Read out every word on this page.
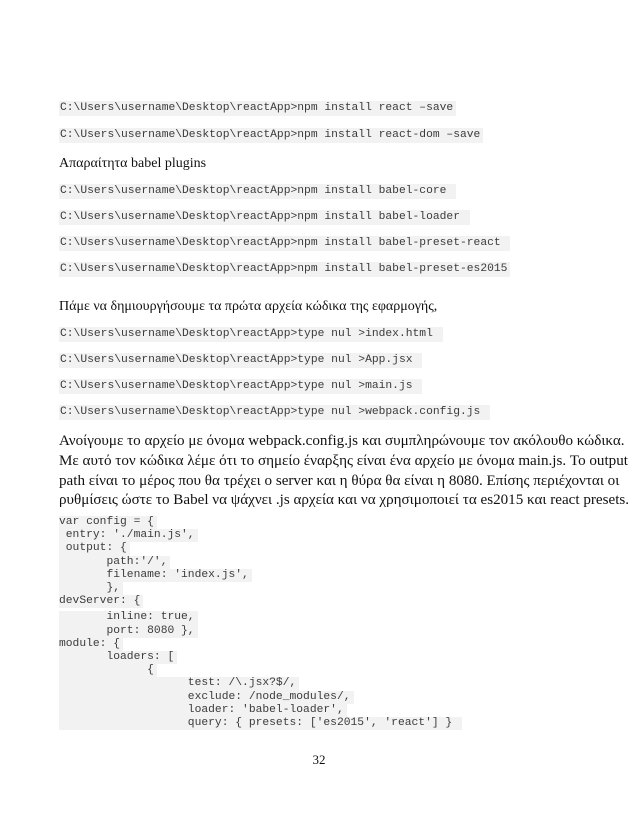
C:\Users\username\Desktop\reactApp>npm install react –save
C:\Users\username\Desktop\reactApp>npm install react-dom –save
Απαραίτητα babel plugins
C:\Users\username\Desktop\reactApp>npm install babel-core
C:\Users\username\Desktop\reactApp>npm install babel-loader
C:\Users\username\Desktop\reactApp>npm install babel-preset-react
C:\Users\username\Desktop\reactApp>npm install babel-preset-es2015
Πάμε να δημιουργήσουμε τα πρώτα αρχεία κώδικα της εφαρμογής,
C:\Users\username\Desktop\reactApp>type nul >index.html
C:\Users\username\Desktop\reactApp>type nul >App.jsx
C:\Users\username\Desktop\reactApp>type nul >main.js
C:\Users\username\Desktop\reactApp>type nul >webpack.config.js
Ανοίγουμε το αρχείο με όνομα webpack.config.js και συμπληρώνουμε τον ακόλουθο κώδικα.
Με αυτό τον κώδικα λέμε ότι το σημείο έναρξης είναι ένα αρχείο με όνομα main.js. Το output
path είναι το μέρος που θα τρέχει ο server και η θύρα θα είναι η 8080. Επίσης περιέχονται οι
ρυθμίσεις ώστε το Babel να ψάχνει .js αρχεία και να χρησιμοποιεί τα es2015 και react presets.
var config = {
entry: './main.js',
output: {
path:'/',
filename: 'index.js',
},
devServer: {
inline: true,
port: 8080 },
module: {
loaders: [
{
test: /\.jsx?$/,
exclude: /node_modules/,
loader: 'babel-loader',
query: { presets: ['es2015', 'react'] }
32
